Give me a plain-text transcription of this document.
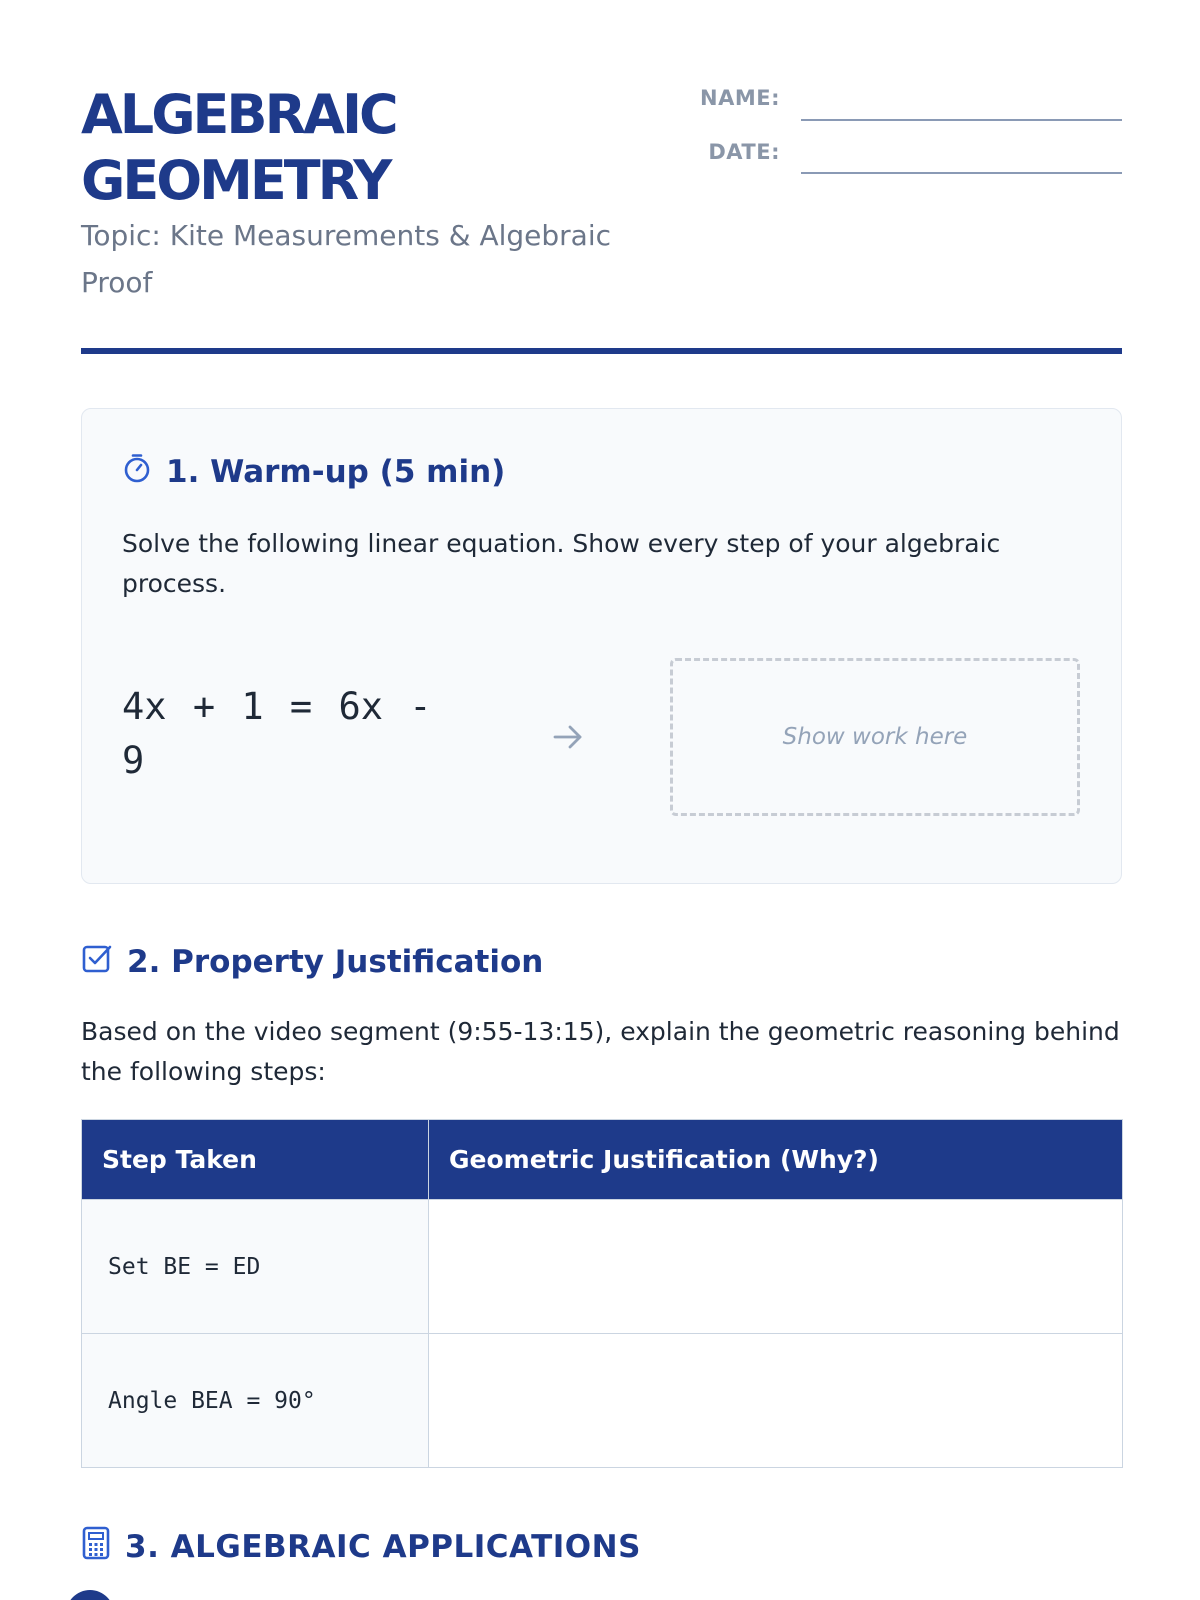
ALGEBRAIC GEOMETRY
Topic: Kite Measurements & Algebraic Proof
NAME:
DATE:
1. Warm-up (5 min)
Solve the following linear equation. Show every step of your algebraic process.
4x + 1 = 6x - 9
Show work here
2. Property Justification
Based on the video segment (9:55-13:15), explain the geometric reasoning behind the following steps:
Step Taken	Geometric Justification (Why?)
Set BE = ED	
Angle BEA = 90°	
3. ALGEBRAIC APPLICATIONS
